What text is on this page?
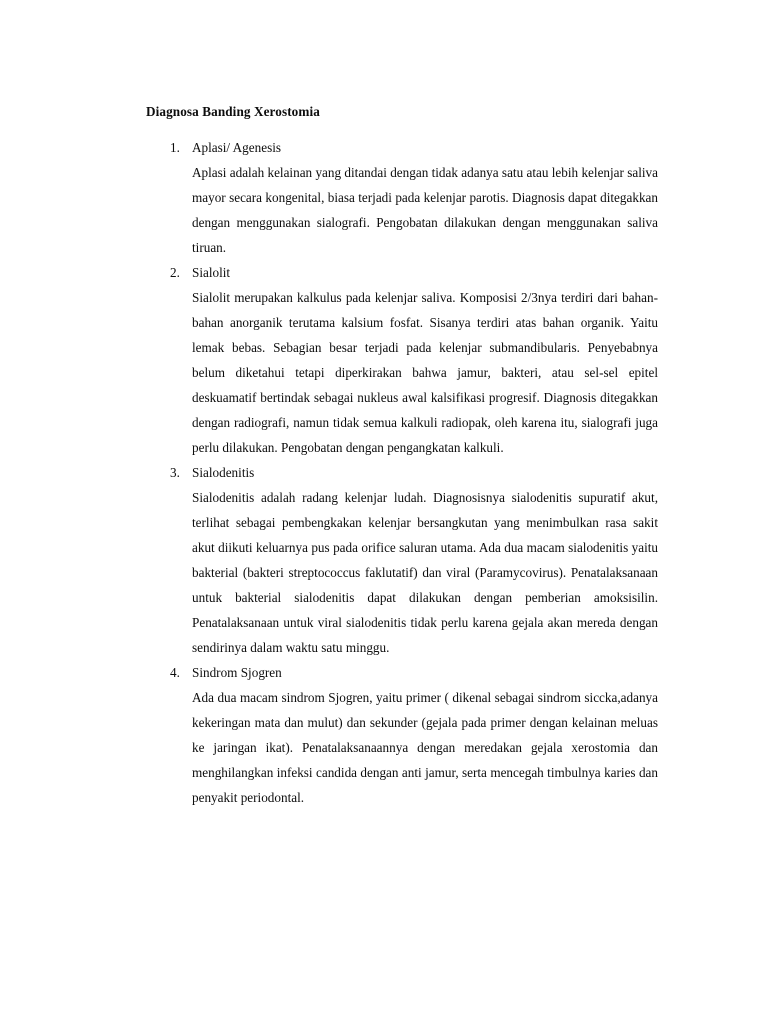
Diagnosa Banding Xerostomia
1. Aplasi/ Agenesis

Aplasi adalah kelainan yang ditandai dengan tidak adanya satu atau lebih kelenjar saliva mayor secara kongenital, biasa terjadi pada kelenjar parotis. Diagnosis dapat ditegakkan dengan menggunakan sialografi. Pengobatan dilakukan dengan menggunakan saliva tiruan.

2. Sialolit

Sialolit merupakan kalkulus pada kelenjar saliva. Komposisi 2/3nya terdiri dari bahan-bahan anorganik terutama kalsium fosfat. Sisanya terdiri atas bahan organik. Yaitu lemak bebas. Sebagian besar terjadi pada kelenjar submandibularis. Penyebabnya belum diketahui tetapi diperkirakan bahwa jamur, bakteri, atau sel-sel epitel deskuamatif bertindak sebagai nukleus awal kalsifikasi progresif. Diagnosis ditegakkan dengan radiografi, namun tidak semua kalkuli radiopak, oleh karena itu, sialografi juga perlu dilakukan. Pengobatan dengan pengangkatan kalkuli.

3. Sialodenitis

Sialodenitis adalah radang kelenjar ludah. Diagnosisnya sialodenitis supuratif akut, terlihat sebagai pembengkakan kelenjar bersangkutan yang menimbulkan rasa sakit akut diikuti keluarnya pus pada orifice saluran utama. Ada dua macam sialodenitis yaitu bakterial (bakteri streptococcus faklutatif) dan viral (Paramycovirus). Penatalaksanaan untuk bakterial sialodenitis dapat dilakukan dengan pemberian amoksisilin. Penatalaksanaan untuk viral sialodenitis tidak perlu karena gejala akan mereda dengan sendirinya dalam waktu satu minggu.

4. Sindrom Sjogren

Ada dua macam sindrom Sjogren, yaitu primer ( dikenal sebagai sindrom siccka,adanya kekeringan mata dan mulut) dan sekunder (gejala pada primer dengan kelainan meluas ke jaringan ikat). Penatalaksanaannya dengan meredakan gejala xerostomia dan menghilangkan infeksi candida dengan anti jamur, serta mencegah timbulnya karies dan penyakit periodontal.
